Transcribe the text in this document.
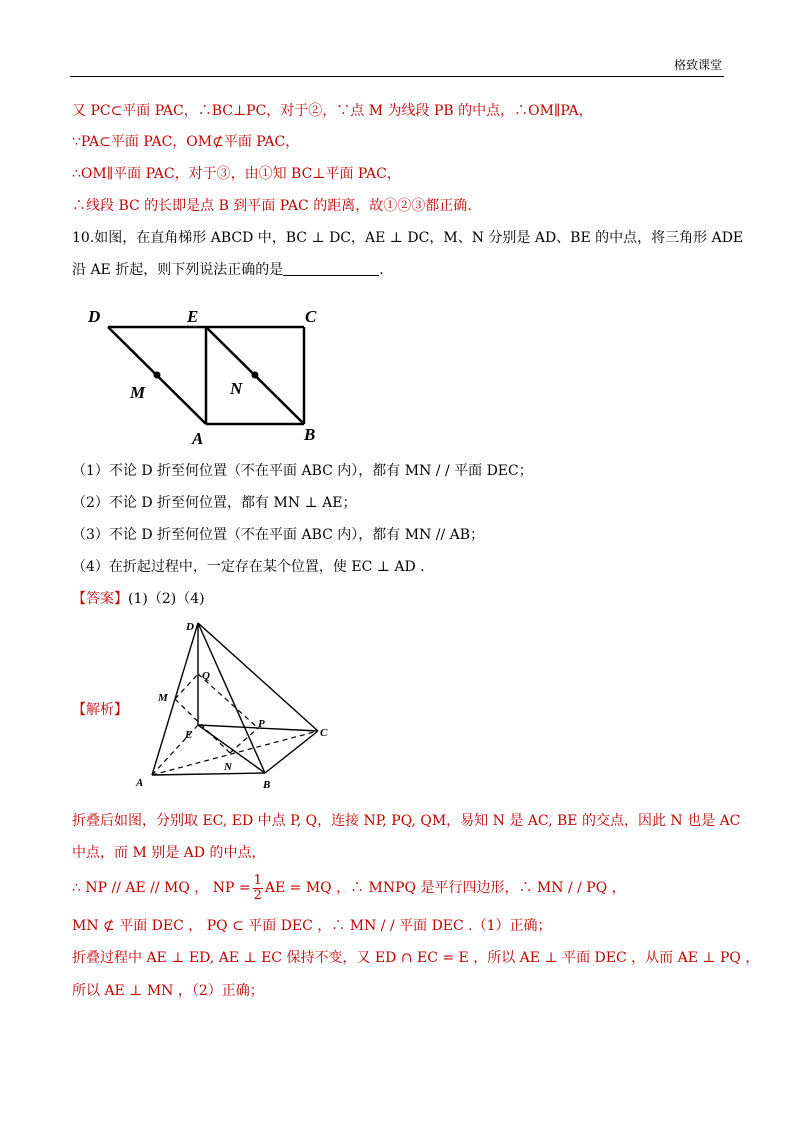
格致课堂
又 PC⊂平面 PAC，∴BC⊥PC，对于②，∵点 M 为线段 PB 的中点，∴OM∥PA，
∵PA⊂平面 PAC，OM⊄平面 PAC，
∴OM∥平面 PAC，对于③，由①知 BC⊥平面 PAC，
∴线段 BC 的长即是点 B 到平面 PAC 的距离，故①②③都正确.
10.如图，在直角梯形 ABCD 中，BC ⊥ DC，AE ⊥ DC，M、N 分别是 AD、BE 的中点，将三角形 ADE
沿 AE 折起，则下列说法正确的是	.
D	E	C
M	N
A	B
（1）不论 D 折至何位置（不在平面 ABC 内），都有 MN / / 平面 DEC；
（2）不论 D 折至何位置，都有 MN ⊥ AE；
（3）不论 D 折至何位置（不在平面 ABC 内），都有 MN // AB；
（4）在折起过程中，一定存在某个位置，使 EC ⊥ AD .
【答案】(1)（2)（4)
【解析】
D
Q
M
P
E	C
N
A	B
折叠后如图，分别取 EC, ED 中点 P, Q，连接 NP, PQ, QM，易知 N 是 AC, BE 的交点，因此 N 也是 AC
中点，而 M 别是 AD 的中点，
∴ NP // AE // MQ ， NP = $\frac{1}{2}$ AE = MQ ，∴ MNPQ 是平行四边形，∴ MN / / PQ ，
MN ⊄ 平面 DEC ， PQ ⊂ 平面 DEC ，∴ MN / / 平面 DEC .（1）正确；
折叠过程中 AE ⊥ ED, AE ⊥ EC 保持不变，又 ED ∩ EC = E ，所以 AE ⊥ 平面 DEC ，从而 AE ⊥ PQ ，
所以 AE ⊥ MN ，（2）正确；
